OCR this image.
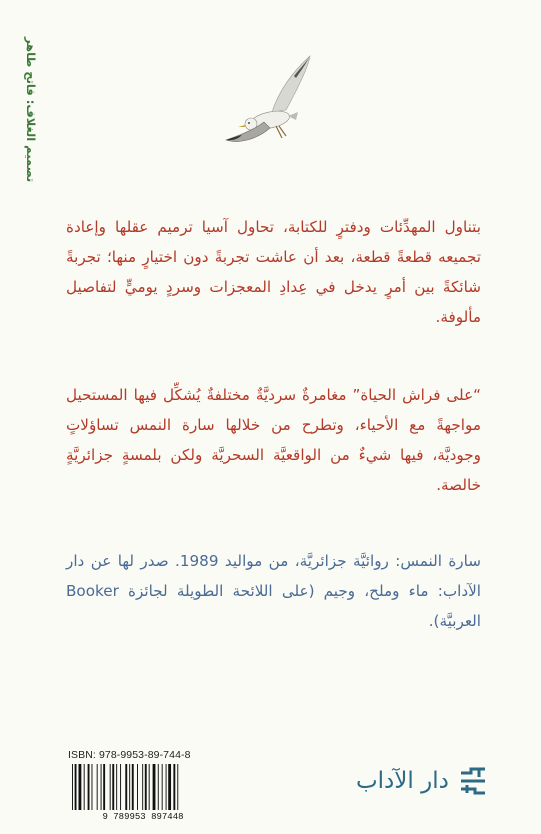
تصميم الغلاف: فاتح طاهر

بتناول المهدِّئات ودفترٍ للكتابة، تحاول آسيا ترميم عقلها وإعادة تجميعه قطعةً قطعة، بعد أن عاشت تجربةً دون اختيارٍ منها؛ تجربةً شائكةً بين أمرٍ يدخل في عِدادِ المعجزات وسردٍ يوميٍّ لتفاصيل مألوفة.

“على فراش الحياة” مغامرةٌ سرديَّةٌ مختلفةٌ يُشكِّل فيها المستحيل مواجهةً مع الأحياء، وتطرح من خلالها سارة النمس تساؤلاتٍ وجوديَّة، فيها شيءٌ من الواقعيَّة السحريَّة ولكن بلمسةٍ جزائريَّةٍ خالصة.

سارة النمس: روائيَّة جزائريَّة، من مواليد 1989. صدر لها عن دار الآداب: ماء وملح، وجيم (على اللائحة الطويلة لجائزة Booker العربيَّة).

ISBN: 978-9953-89-744-8
9 789953 897448
دار الآداب
